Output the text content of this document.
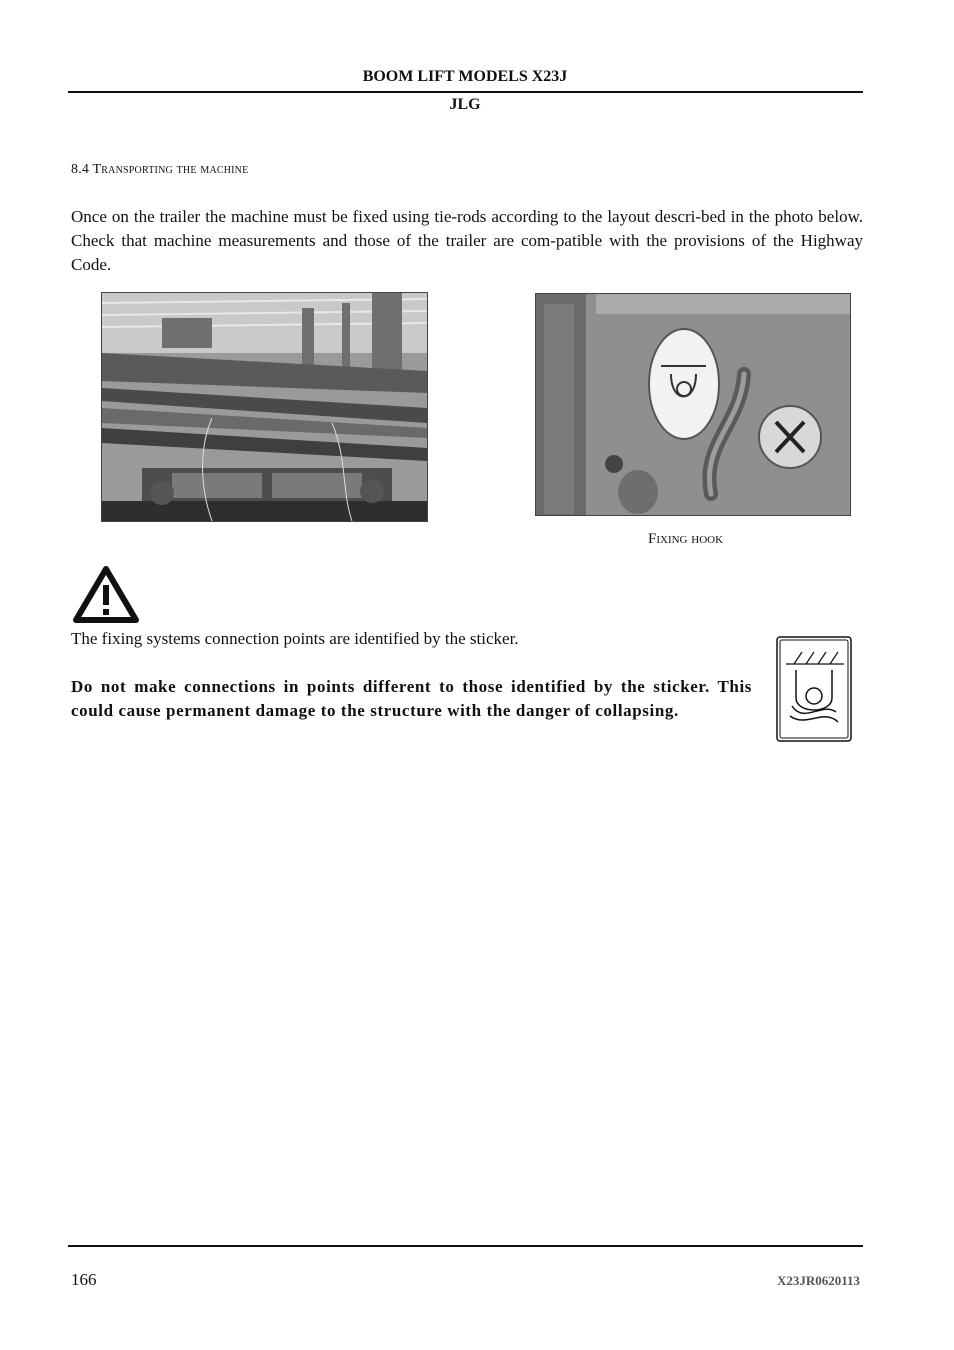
BOOM LIFT MODELS X23J
JLG
8.4 Transporting the machine
Once on the trailer the machine must be fixed using tie-rods according to the layout descri-bed in the photo below. Check that machine measurements and those of the trailer are com-patible with the provisions of the Highway Code.
Fixing hook
The fixing systems connection points are identified by the sticker.
Do not make connections in points different to those identified by the sticker. This could cause permanent damage to the structure with the danger of collapsing.
166	X23JR0620113
